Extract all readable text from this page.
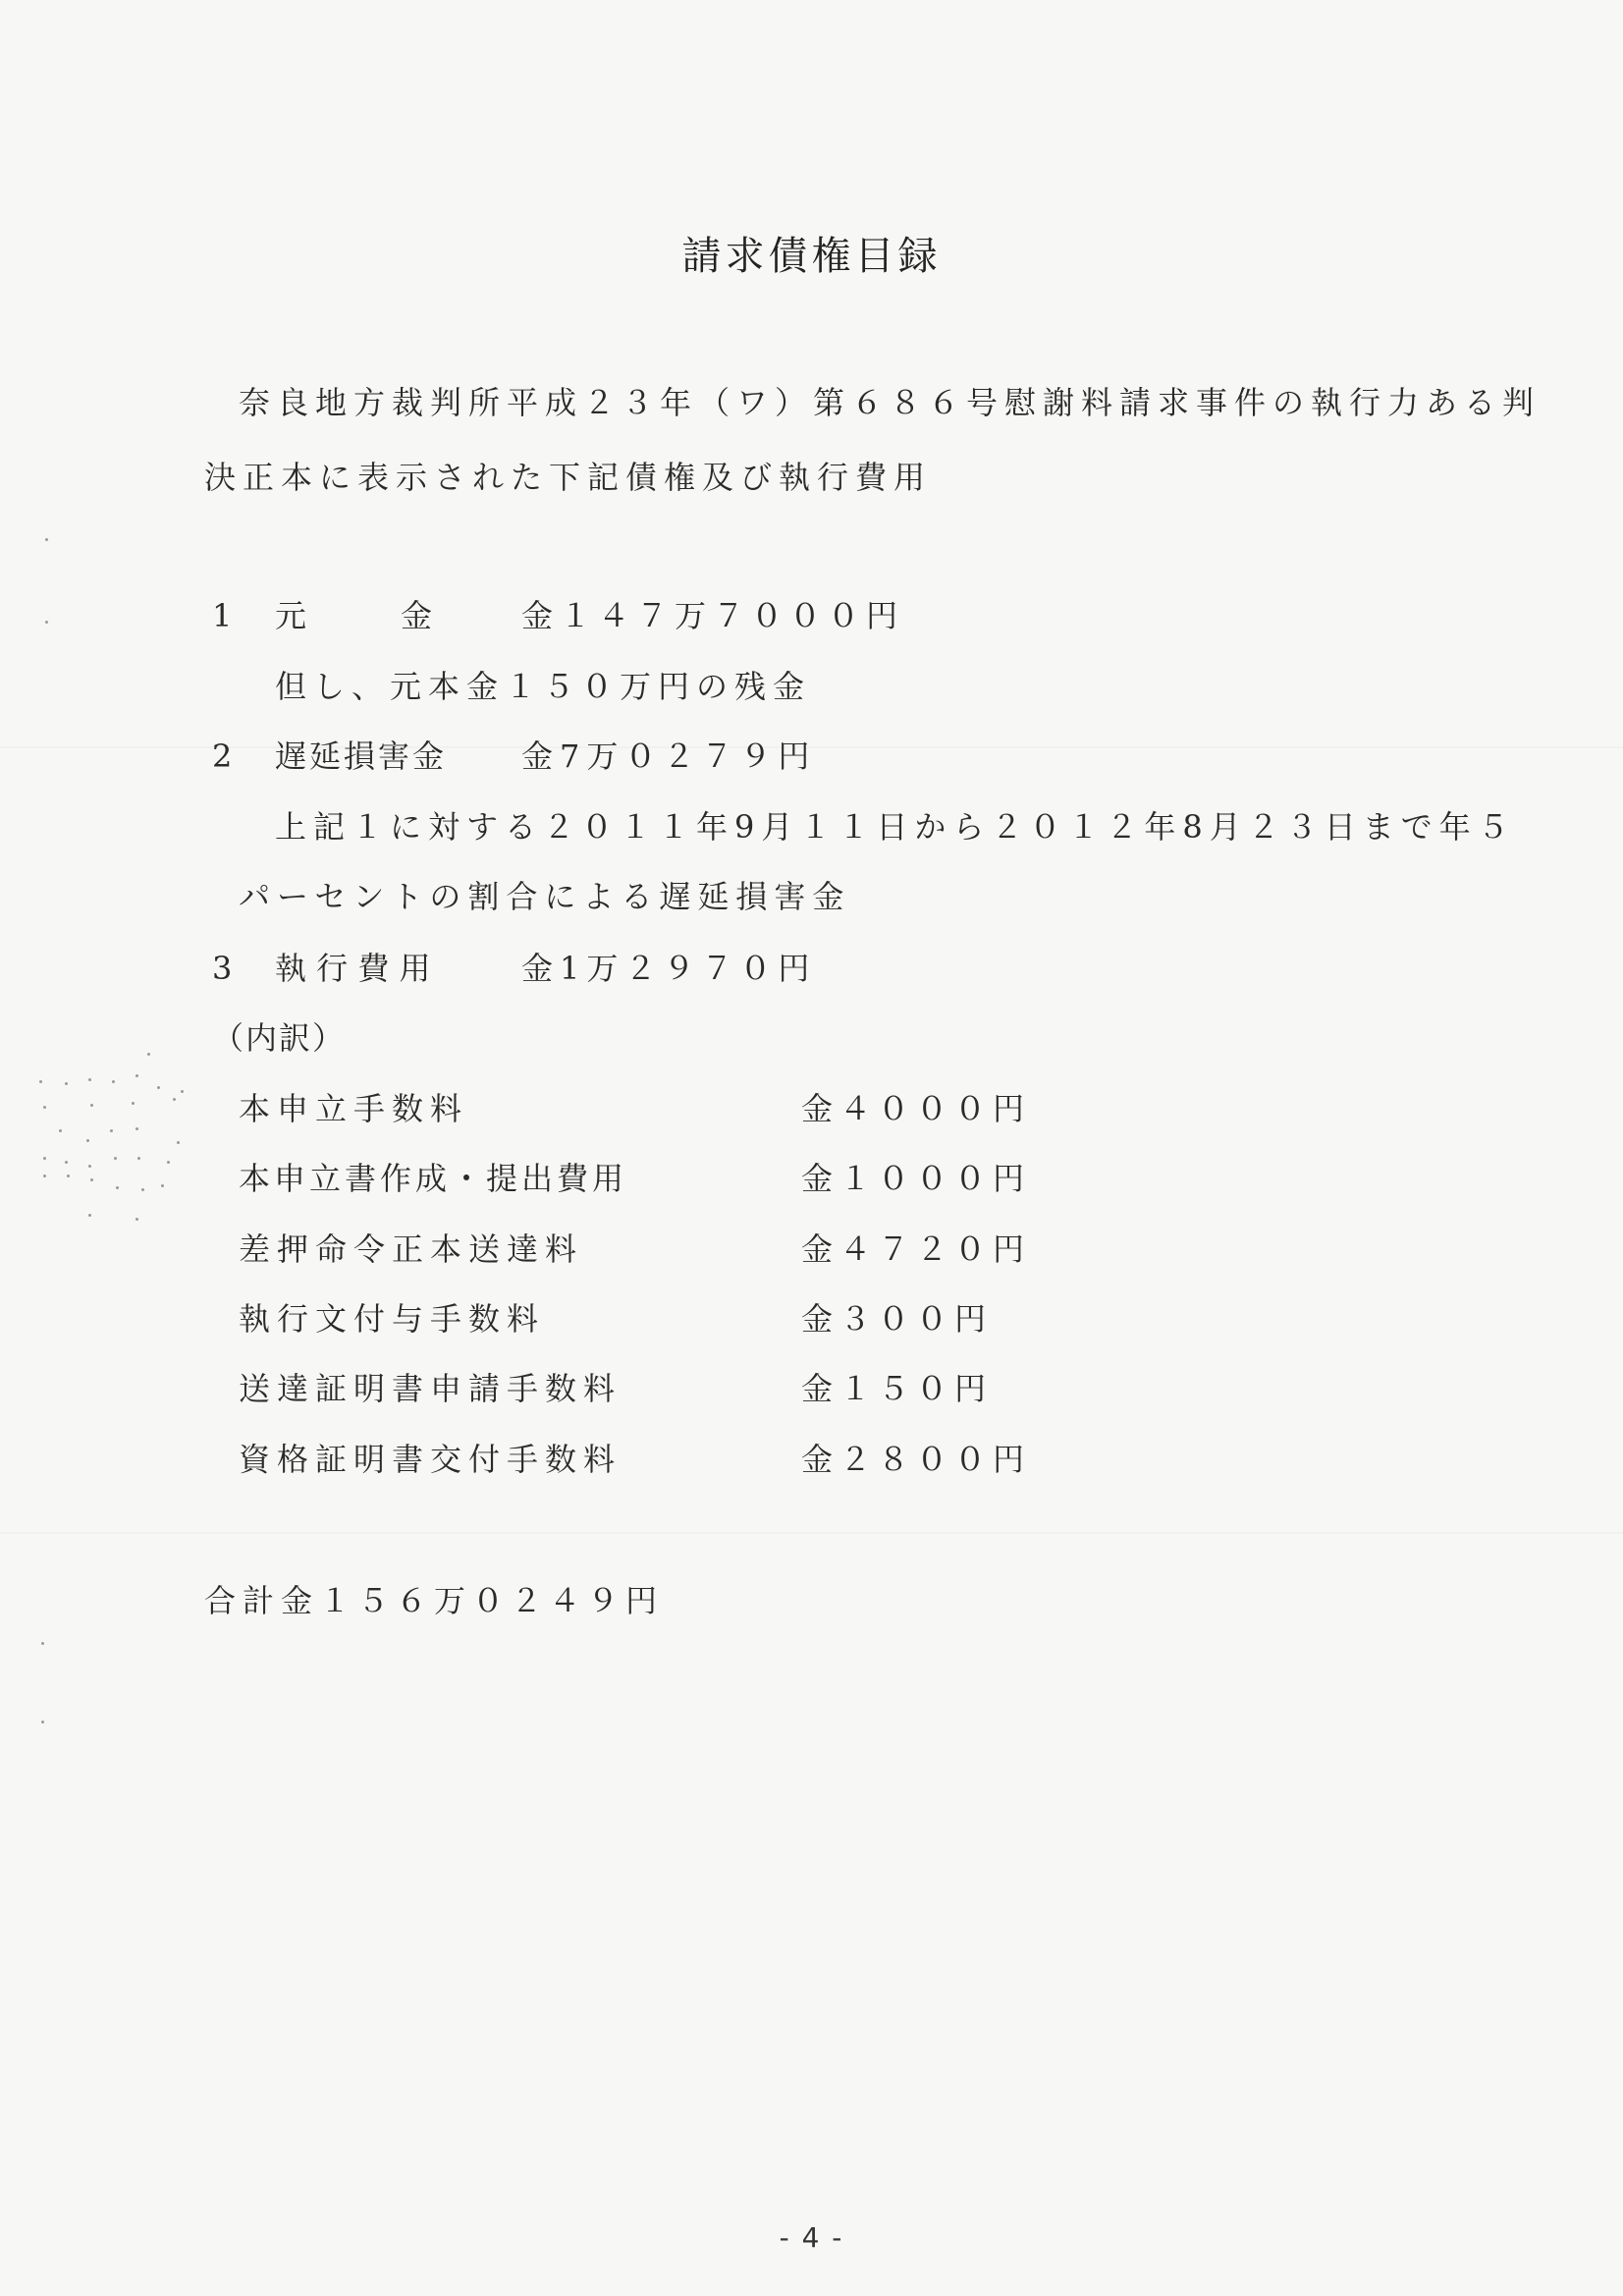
請求債権目録
奈良地方裁判所平成２３年（ワ）第６８６号慰謝料請求事件の執行力ある判
決正本に表示された下記債権及び執行費用
1 元　　　金	金１４７万７０００円
但し、元本金１５０万円の残金
2 遅延損害金 金7万０２７９円
上記１に対する２０１１年9月１１日から２０１２年8月２３日まで年５
パーセントの割合による遅延損害金
3 執 行 費 用	金1万２９７０円
（内訳）
本申立手数料	金４０００円
本申立書作成・提出費用	金１０００円
差押命令正本送達料	金４７２０円
執行文付与手数料	金３００円
送達証明書申請手数料	金１５０円
資格証明書交付手数料	金２８００円
合計金１５６万０２４９円
- 4 -
